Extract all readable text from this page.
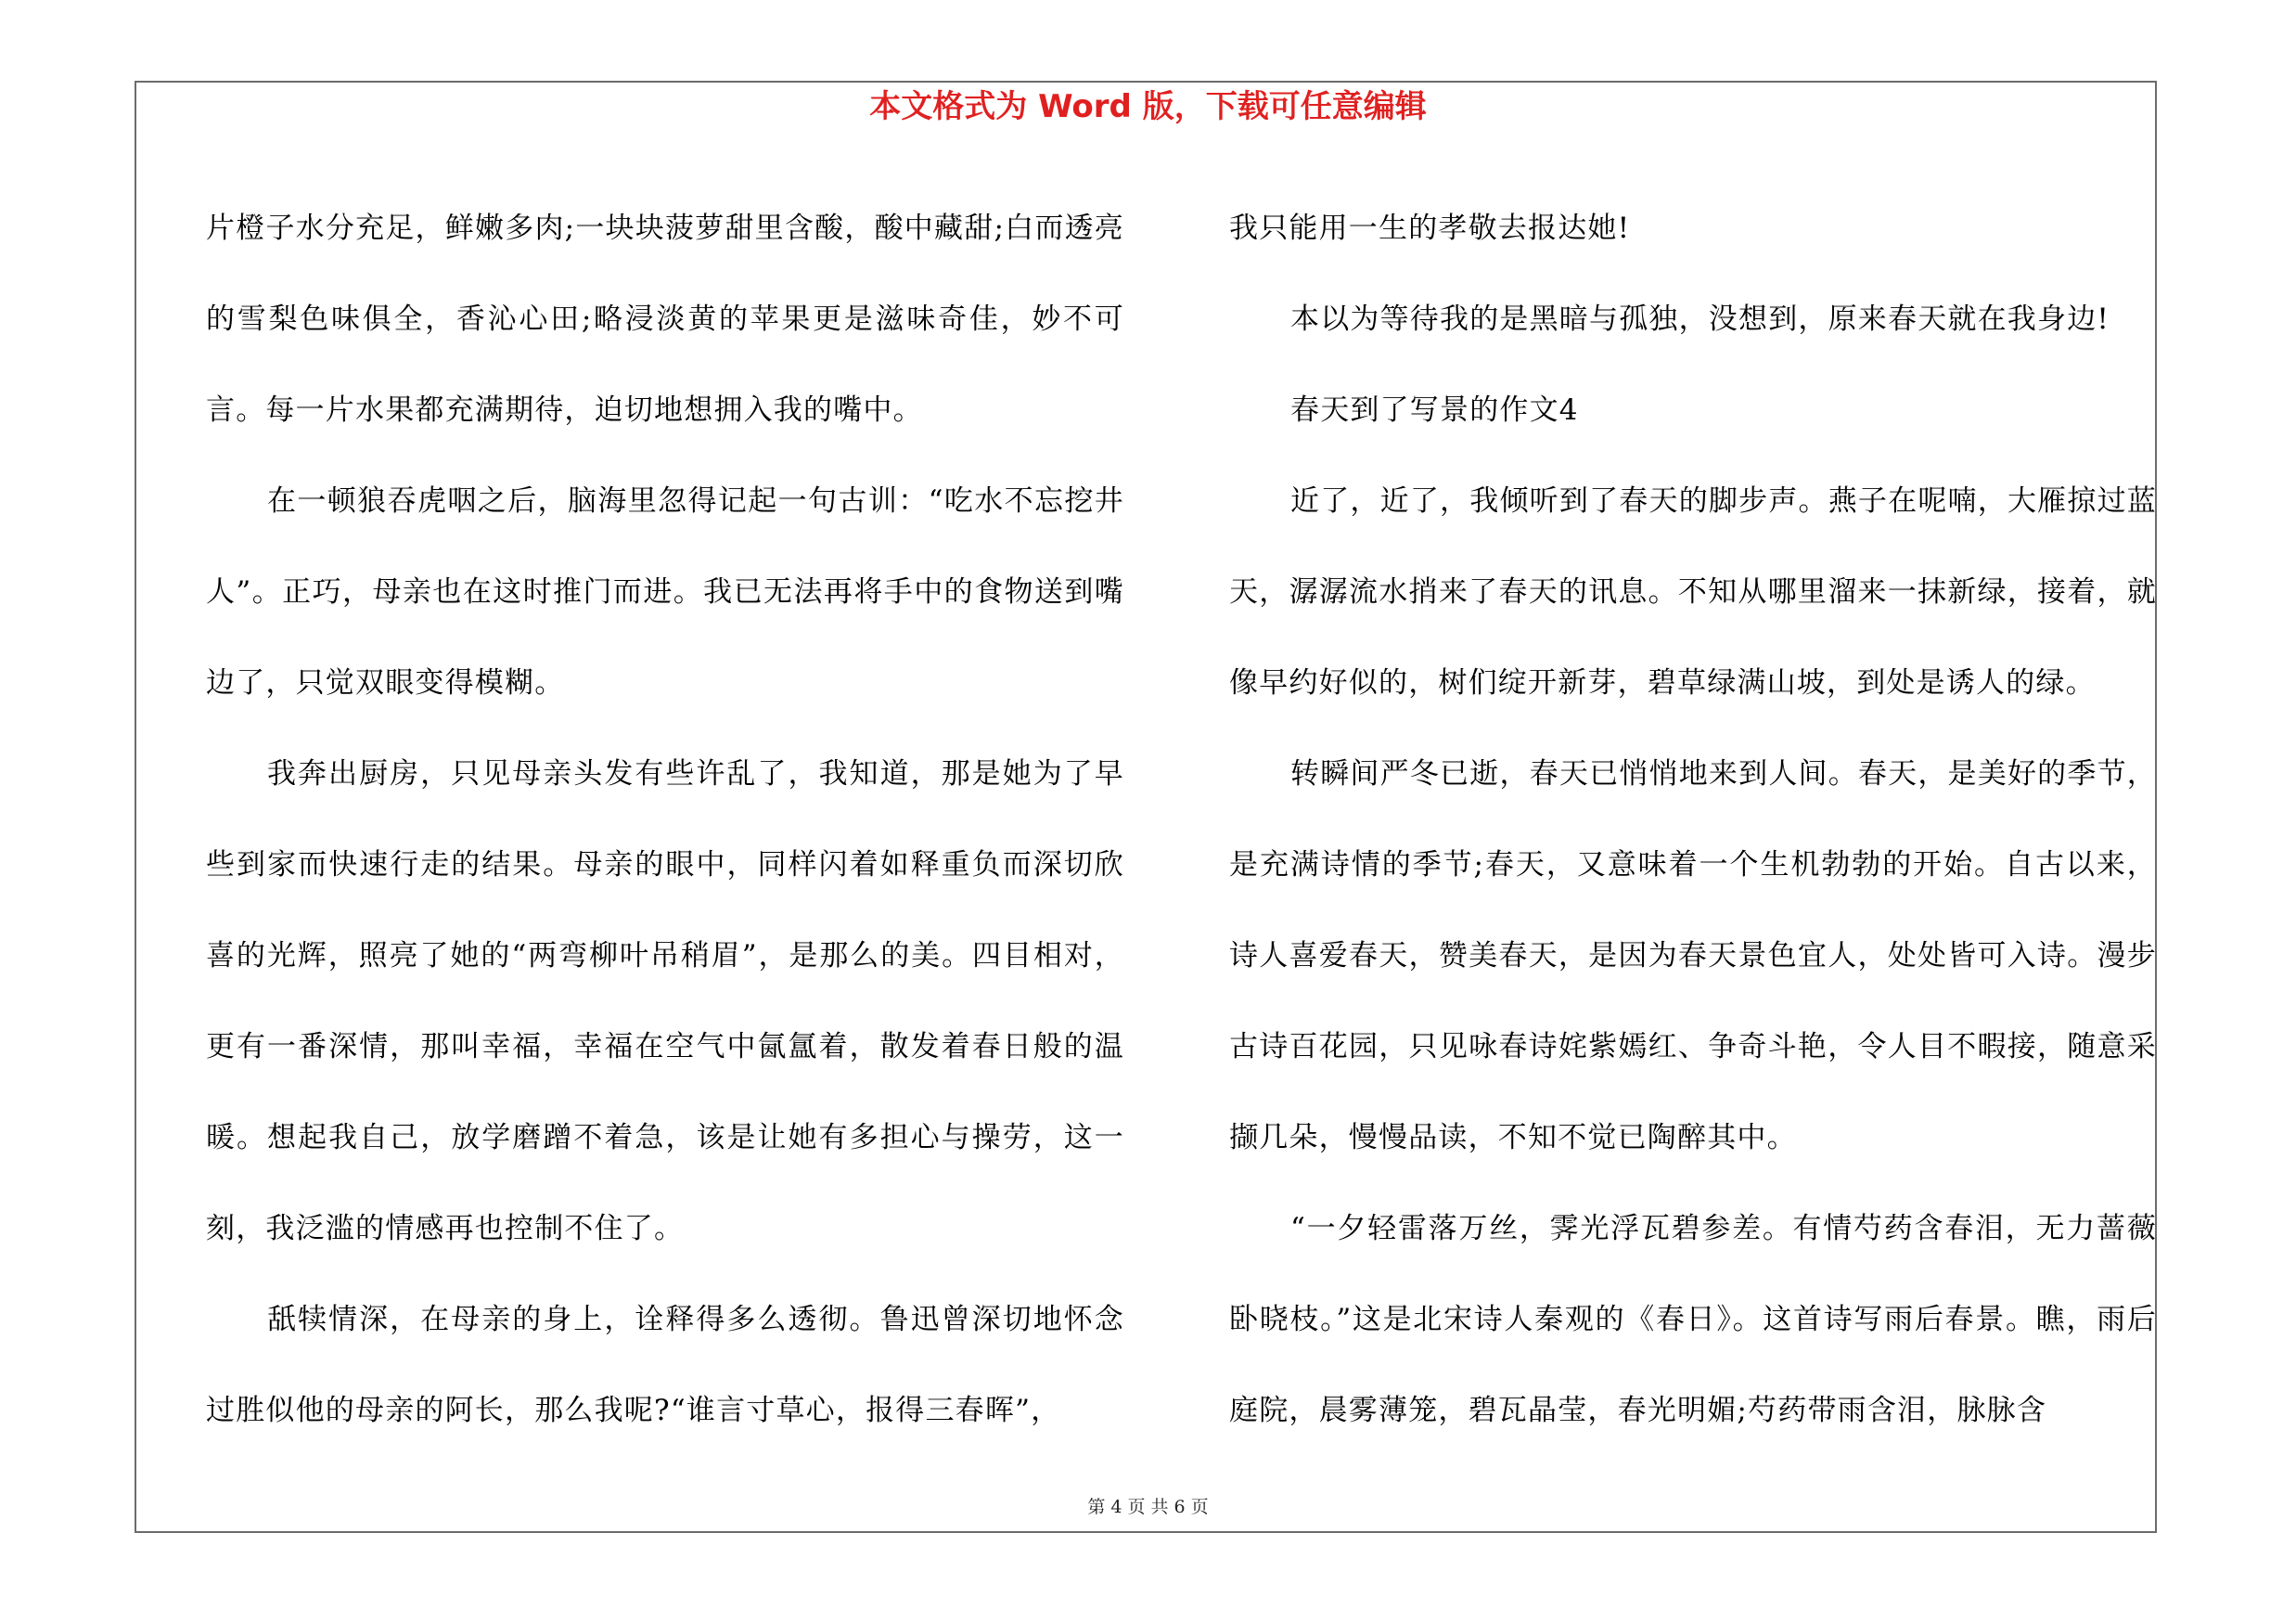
本文格式为 Word 版，下载可任意编辑

片橙子水分充足，鲜嫩多肉;一块块菠萝甜里含酸，酸中藏甜;白而透亮的雪梨色味俱全，香沁心田;略浸淡黄的苹果更是滋味奇佳，妙不可言。每一片水果都充满期待，迫切地想拥入我的嘴中。

在一顿狼吞虎咽之后，脑海里忽得记起一句古训：“吃水不忘挖井人”。正巧，母亲也在这时推门而进。我已无法再将手中的食物送到嘴边了，只觉双眼变得模糊。

我奔出厨房，只见母亲头发有些许乱了，我知道，那是她为了早些到家而快速行走的结果。母亲的眼中，同样闪着如释重负而深切欣喜的光辉，照亮了她的“两弯柳叶吊稍眉”，是那么的美。四目相对，更有一番深情，那叫幸福，幸福在空气中氤氲着，散发着春日般的温暖。想起我自己，放学磨蹭不着急，该是让她有多担心与操劳，这一刻，我泛滥的情感再也控制不住了。

舐犊情深，在母亲的身上，诠释得多么透彻。鲁迅曾深切地怀念过胜似他的母亲的阿长，那么我呢?“谁言寸草心，报得三春晖”，

我只能用一生的孝敬去报达她!

本以为等待我的是黑暗与孤独，没想到，原来春天就在我身边!

春天到了写景的作文4

近了，近了，我倾听到了春天的脚步声。燕子在呢喃，大雁掠过蓝天，潺潺流水捎来了春天的讯息。不知从哪里溜来一抹新绿，接着，就像早约好似的，树们绽开新芽，碧草绿满山坡，到处是诱人的绿。

转瞬间严冬已逝，春天已悄悄地来到人间。春天，是美好的季节，是充满诗情的季节;春天，又意味着一个生机勃勃的开始。自古以来，诗人喜爱春天，赞美春天，是因为春天景色宜人，处处皆可入诗。漫步古诗百花园，只见咏春诗姹紫嫣红、争奇斗艳，令人目不暇接，随意采撷几朵，慢慢品读，不知不觉已陶醉其中。

“一夕轻雷落万丝，霁光浮瓦碧参差。有情芍药含春泪，无力蔷薇卧晓枝。”这是北宋诗人秦观的《春日》。这首诗写雨后春景。瞧，雨后庭院，晨雾薄笼，碧瓦晶莹，春光明媚;芍药带雨含泪，脉脉含

第 4 页 共 6 页
